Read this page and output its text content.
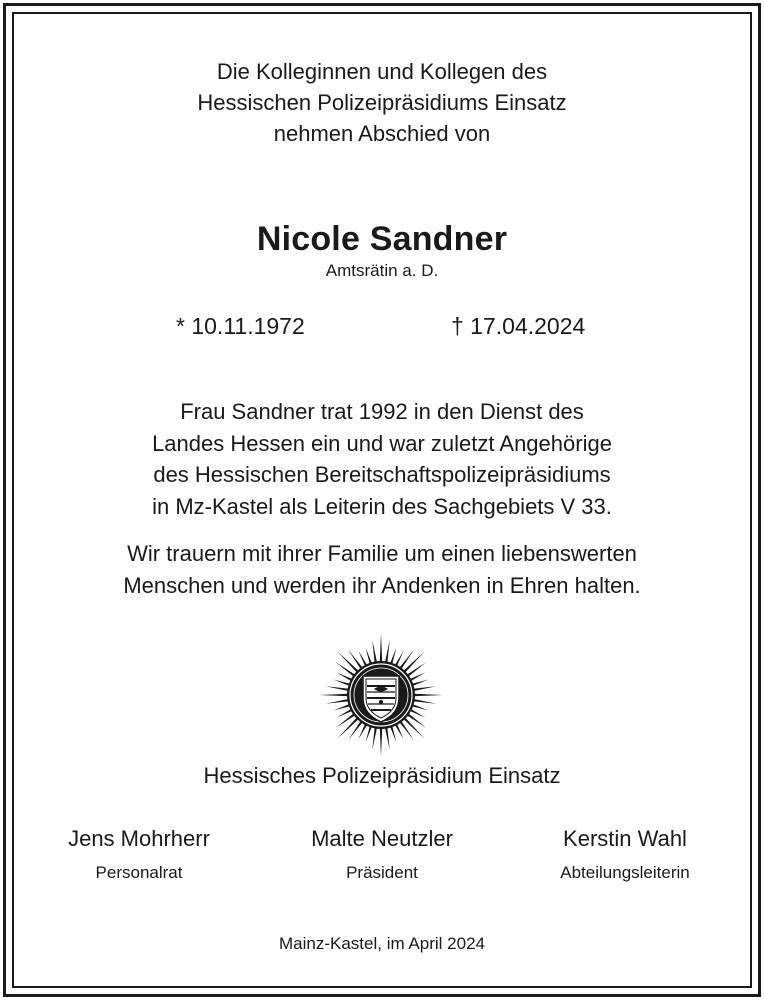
Die Kolleginnen und Kollegen des
Hessischen Polizeipräsidiums Einsatz
nehmen Abschied von
Nicole Sandner
Amtsrätin a. D.
* 10.11.1972	† 17.04.2024
Frau Sandner trat 1992 in den Dienst des
Landes Hessen ein und war zuletzt Angehörige
des Hessischen Bereitschaftspolizeipräsidiums
in Mz-Kastel als Leiterin des Sachgebiets V 33.
Wir trauern mit ihrer Familie um einen liebenswerten
Menschen und werden ihr Andenken in Ehren halten.
Hessisches Polizeipräsidium Einsatz
Jens Mohrherr
Personalrat
Malte Neutzler
Präsident
Kerstin Wahl
Abteilungsleiterin
Mainz-Kastel, im April 2024
